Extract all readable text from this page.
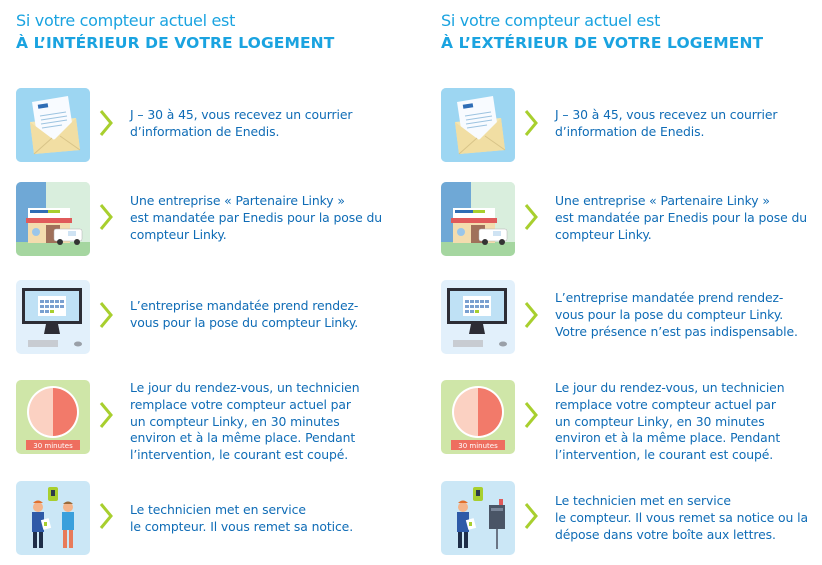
Si votre compteur actuel est
À L’INTÉRIEUR DE VOTRE LOGEMENT
J – 30 à 45, vous recevez un courrier
d’information de Enedis.
Une entreprise « Partenaire Linky »
est mandatée par Enedis pour la pose du
compteur Linky.
L’entreprise mandatée prend rendez-
vous pour la pose du compteur Linky.
30 minutes
Le jour du rendez-vous, un technicien
remplace votre compteur actuel par
un compteur Linky, en 30 minutes
environ et à la même place. Pendant
l’intervention, le courant est coupé.
Le technicien met en service
le compteur. Il vous remet sa notice.
Si votre compteur actuel est
À L’EXTÉRIEUR DE VOTRE LOGEMENT
J – 30 à 45, vous recevez un courrier
d’information de Enedis.
Une entreprise « Partenaire Linky »
est mandatée par Enedis pour la pose du
compteur Linky.
L’entreprise mandatée prend rendez-
vous pour la pose du compteur Linky.
Votre présence n’est pas indispensable.
30 minutes
Le jour du rendez-vous, un technicien
remplace votre compteur actuel par
un compteur Linky, en 30 minutes
environ et à la même place. Pendant
l’intervention, le courant est coupé.
Le technicien met en service
le compteur. Il vous remet sa notice ou la
dépose dans votre boîte aux lettres.
